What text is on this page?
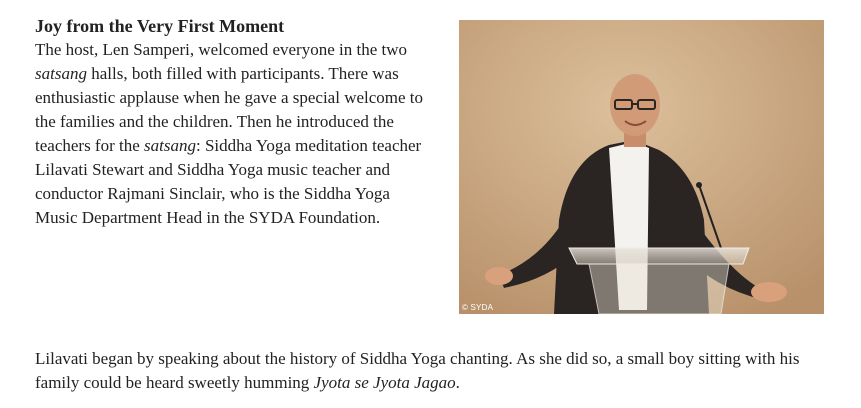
Joy from the Very First Moment

The host, Len Samperi, welcomed everyone in the two satsang halls, both filled with participants. There was enthusiastic applause when he gave a special welcome to the families and the children. Then he introduced the teachers for the satsang: Siddha Yoga meditation teacher Lilavati Stewart and Siddha Yoga music teacher and conductor Rajmani Sinclair, who is the Siddha Yoga Music Department Head in the SYDA Foundation.

© SYDA

Lilavati began by speaking about the history of Siddha Yoga chanting. As she did so, a small boy sitting with his family could be heard sweetly humming Jyota se Jyota Jagao.
